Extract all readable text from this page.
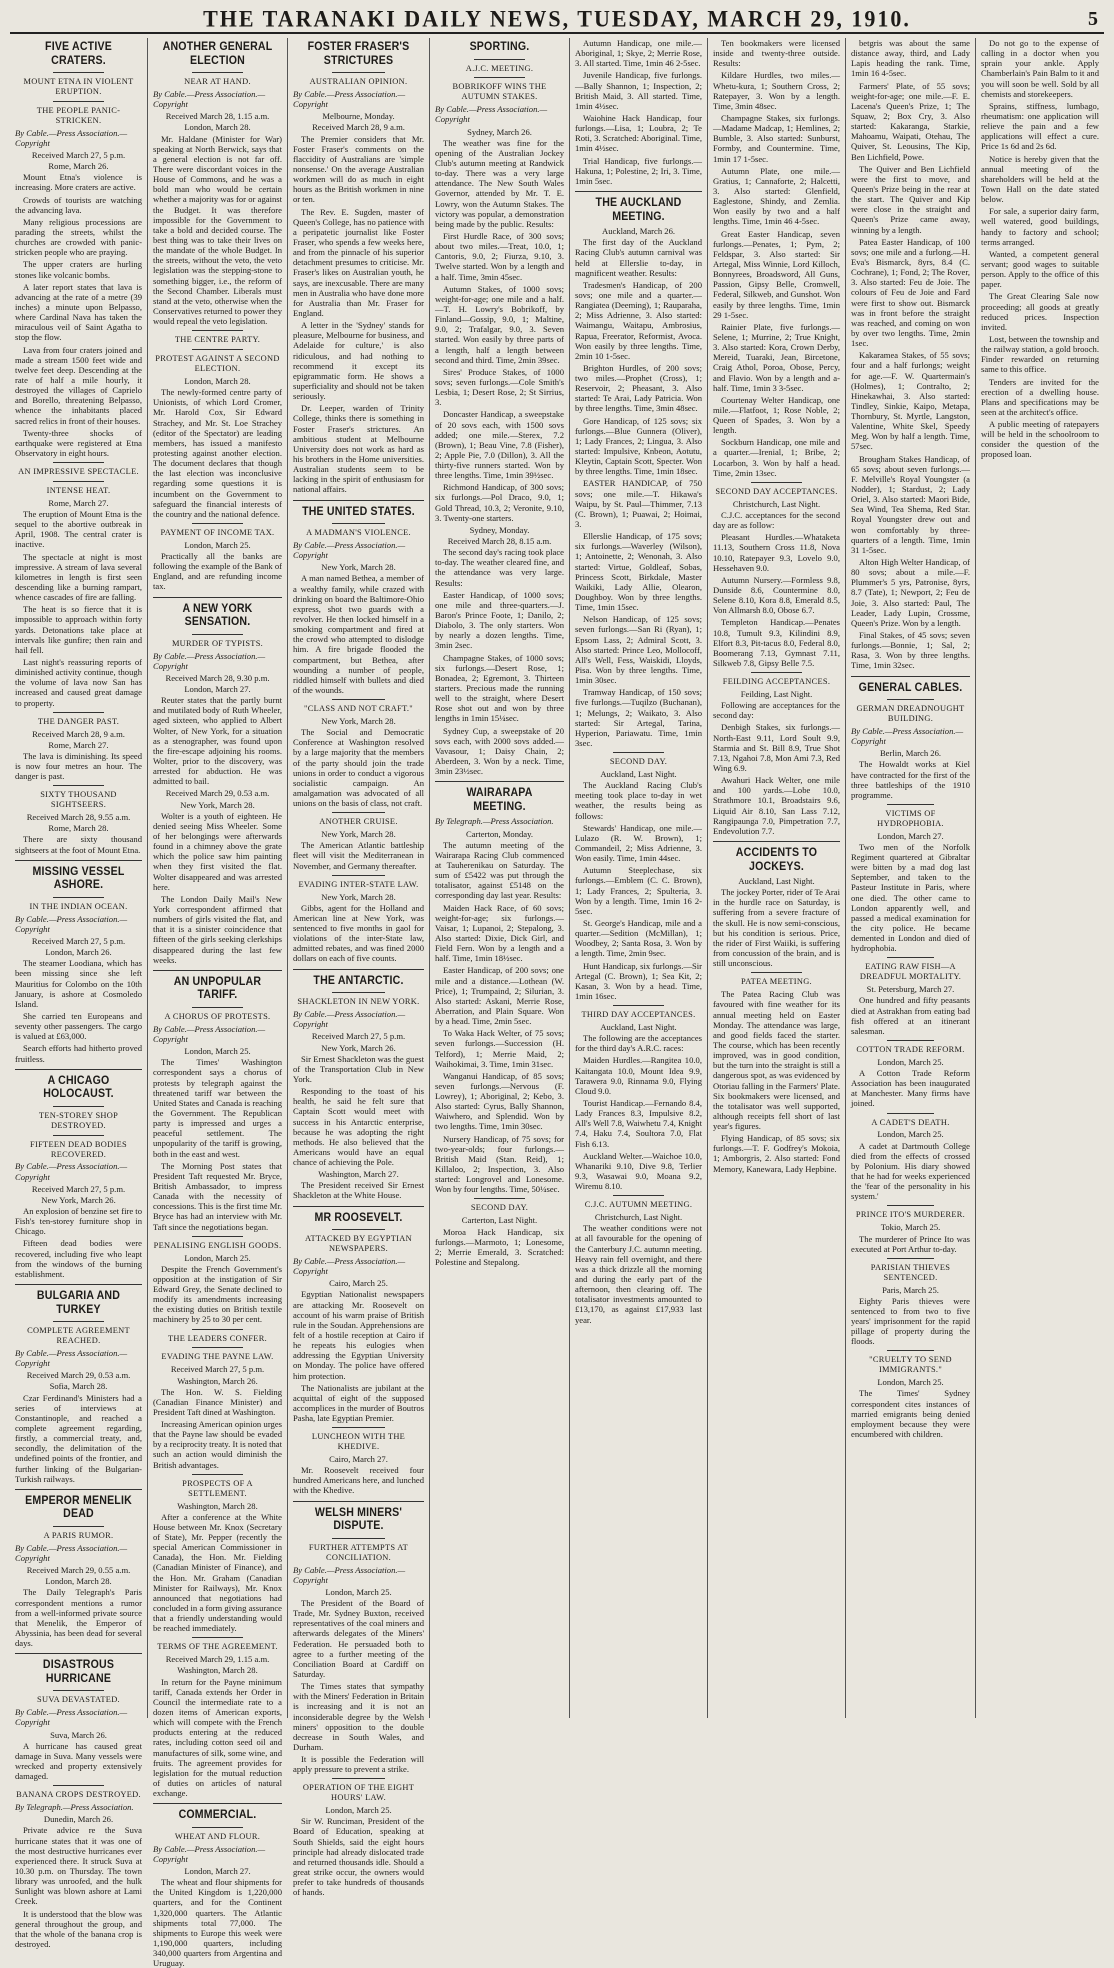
THE TARANAKI DAILY NEWS, TUESDAY, MARCH 29, 1910.	5
FIVE ACTIVE CRATERS.
MOUNT ETNA IN VIOLENT ERUPTION.
THE PEOPLE PANIC-STRICKEN.
By Cable.—Press Association.—Copyright
Received March 27, 5 p.m.
Rome, March 26.

Mount Etna's violence is increasing. More craters are active.

Crowds of tourists are watching the advancing lava.

Many religious processions are parading the streets, whilst the churches are crowded with panic-stricken people who are praying.

The upper craters are hurling stones like volcanic bombs.

A later report states that lava is advancing at the rate of a metre (39 inches) a minute upon Belpasso, where Cardinal Nava has taken the miraculous veil of Saint Agatha to stop the flow.

Lava from four craters joined and made a stream 1500 feet wide and twelve feet deep. Descending at the rate of half a mile hourly, it destroyed the villages of Caprielo and Borello, threatening Belpasso, whence the inhabitants placed sacred relics in front of their houses.

Twenty-three shocks of earthquake were registered at Etna Observatory in eight hours.

AN IMPRESSIVE SPECTACLE.
INTENSE HEAT.
Rome, March 27.

The eruption of Mount Etna is the sequel to the abortive outbreak in April, 1908. The central crater is inactive.

The spectacle at night is most impressive. A stream of lava several kilometres in length is first seen descending like a burning rampart, whence cascades of fire are falling.

The heat is so fierce that it is impossible to approach within forty yards. Detonations take place at intervals like gunfire; then rain and hail fell.

Last night's reassuring reports of diminished activity continue, though the volume of lava now San has increased and caused great damage to property.

THE DANGER PAST.
Received March 28, 9 a.m.
Rome, March 27.

The lava is diminishing. Its speed is now four metres an hour. The danger is past.

SIXTY THOUSAND SIGHTSEERS.
Received March 28, 9.55 a.m.
Rome, March 28.

There are sixty thousand sightseers at the foot of Mount Etna.

MISSING VESSEL ASHORE.
IN THE INDIAN OCEAN.
By Cable.—Press Association.—Copyright
Received March 27, 5 p.m.
London, March 26.

The steamer Loodiana, which has been missing since she left Mauritius for Colombo on the 10th January, is ashore at Cosmoledo Island.

She carried ten Europeans and seventy other passengers. The cargo is valued at £63,000.

Search efforts had hitherto proved fruitless.

A CHICAGO HOLOCAUST.
TEN-STOREY SHOP DESTROYED.
FIFTEEN DEAD BODIES RECOVERED.
By Cable.—Press Association.—Copyright
Received March 27, 5 p.m.
New York, March 26.

An explosion of benzine set fire to Fish's ten-storey furniture shop in Chicago.

Fifteen dead bodies were recovered, including five who leapt from the windows of the burning establishment.

BULGARIA AND TURKEY
COMPLETE AGREEMENT REACHED.
By Cable.—Press Association.—Copyright
Received March 29, 0.53 a.m.
Sofia, March 28.

Czar Ferdinand's Ministers had a series of interviews at Constantinople, and reached a complete agreement regarding, firstly, a commercial treaty, and, secondly, the delimitation of the undefined points of the frontier, and further linking of the Bulgarian-Turkish railways.

EMPEROR MENELIK DEAD
A PARIS RUMOR.
By Cable.—Press Association.—Copyright
Received March 29, 0.55 a.m.
London, March 28.

The Daily Telegraph's Paris correspondent mentions a rumor from a well-informed private source that Menelik, the Emperor of Abyssinia, has been dead for several days.

DISASTROUS HURRICANE
SUVA DEVASTATED.
By Cable.—Press Association.—Copyright
Suva, March 26.

A hurricane has caused great damage in Suva. Many vessels were wrecked and property extensively damaged.

BANANA CROPS DESTROYED.
By Telegraph.—Press Association.
Dunedin, March 26.

Private advice re the Suva hurricane states that it was one of the most destructive hurricanes ever experienced there. It struck Suva at 10.30 p.m. on Thursday. The town library was unroofed, and the hulk Sunlight was blown ashore at Lami Creek.

It is understood that the blow was general throughout the group, and that the whole of the banana crop is destroyed.

ANOTHER GENERAL ELECTION
NEAR AT HAND.
By Cable.—Press Association.—Copyright
Received March 28, 1.15 a.m.
London, March 28.

Mr. Haldane (Minister for War) speaking at North Berwick, says that a general election is not far off. There were discordant voices in the House of Commons, and he was a bold man who would be certain whether a majority was for or against the Budget. It was therefore impossible for the Government to take a bold and decided course. The best thing was to take their lives on the mandate of the whole Budget. In the streets, without the veto, the veto legislation was the stepping-stone to something bigger, i.e., the reform of the Second Chamber. Liberals must stand at the veto, otherwise when the Conservatives returned to power they would repeal the veto legislation.

THE CENTRE PARTY.
PROTEST AGAINST A SECOND ELECTION.
London, March 28.

The newly-formed centre party of Unionists, of which Lord Cromer, Mr. Harold Cox, Sir Edward Strachey, and Mr. St. Loe Strachey (editor of the Spectator) are leading members, has issued a manifesto protesting against another election. The document declares that though the last election was inconclusive regarding some questions it is incumbent on the Government to safeguard the financial interests of the country and the national defence.

PAYMENT OF INCOME TAX.
London, March 25.

Practically all the banks are following the example of the Bank of England, and are refunding income tax.

A NEW YORK SENSATION.
MURDER OF TYPISTS.
By Cable.—Press Association.—Copyright
Received March 28, 9.30 p.m.
London, March 27.

Reuter states that the partly burnt and mutilated body of Ruth Wheeler, aged sixteen, who applied to Albert Wolter, of New York, for a situation as a stenographer, was found upon the fire-escape adjoining his rooms. Wolter, prior to the discovery, was arrested for abduction. He was admitted to bail.

Received March 29, 0.53 a.m.
New York, March 28.

Wolter is a youth of eighteen. He denied seeing Miss Wheeler. Some of her belongings were afterwards found in a chimney above the grate which the police saw him painting when they first visited the flat. Wolter disappeared and was arrested here.

The London Daily Mail's New York correspondent affirmed that numbers of girls visited the flat, and that it is a sinister coincidence that fifteen of the girls seeking clerkships disappeared during the last few weeks.

AN UNPOPULAR TARIFF.
A CHORUS OF PROTESTS.
By Cable.—Press Association.—Copyright
London, March 25.

The Times' Washington correspondent says a chorus of protests by telegraph against the threatened tariff war between the United States and Canada is reaching the Government. The Republican party is impressed and urges a peaceful settlement. The unpopularity of the tariff is growing, both in the east and west.

The Morning Post states that President Taft requested Mr. Bryce, British Ambassador, to impress Canada with the necessity of concessions. This is the first time Mr. Bryce has had an interview with Mr. Taft since the negotiations began.

PENALISING ENGLISH GOODS.
London, March 25.

Despite the French Government's opposition at the instigation of Sir Edward Grey, the Senate declined to modify its amendments increasing the existing duties on British textile machinery by 25 to 30 per cent.

THE LEADERS CONFER.
EVADING THE PAYNE LAW.
Received March 27, 5 p.m.
Washington, March 26.

The Hon. W. S. Fielding (Canadian Finance Minister) and President Taft dined at Washington.

Increasing American opinion urges that the Payne law should be evaded by a reciprocity treaty. It is noted that such an action would diminish the British advantages.

PROSPECTS OF A SETTLEMENT.
Washington, March 28.

After a conference at the White House between Mr. Knox (Secretary of State), Mr. Pepper (recently the special American Commissioner in Canada), the Hon. Mr. Fielding (Canadian Minister of Finance), and the Hon. Mr. Graham (Canadian Minister for Railways), Mr. Knox announced that negotiations had concluded in a form giving assurance that a friendly understanding would be reached immediately.

TERMS OF THE AGREEMENT.
Received March 29, 1.15 a.m.
Washington, March 28.

In return for the Payne minimum tariff, Canada extends her Order in Council the intermediate rate to a dozen items of American exports, which will compete with the French products entering at the reduced rates, including cotton seed oil and manufactures of silk, some wine, and fruits. The agreement provides for legislation for the mutual reduction of duties on articles of natural exchange.

COMMERCIAL.
WHEAT AND FLOUR.
By Cable.—Press Association.—Copyright
London, March 27.

The wheat and flour shipments for the United Kingdom is 1,220,000 quarters, and for the Continent 1,320,000 quarters. The Atlantic shipments total 77,000. The shipments to Europe this week were 1,190,000 quarters, including 340,000 quarters from Argentina and Uruguay.

FOSTER FRASER'S STRICTURES
AUSTRALIAN OPINION.
By Cable.—Press Association.—Copyright
Melbourne, Monday.
Received March 28, 9 a.m.

The Premier considers that Mr. Foster Fraser's comments on the flaccidity of Australians are 'simple nonsense.' On the average Australian workmen will do as much in eight hours as the British workmen in nine or ten.

The Rev. E. Sugden, master of Queen's College, has no patience with a peripatetic journalist like Foster Fraser, who spends a few weeks here, and from the pinnacle of his superior detachment presumes to criticise. Mr. Fraser's likes on Australian youth, he says, are inexcusable. There are many men in Australia who have done more for Australia than Mr. Fraser for England.

A letter in the 'Sydney' stands for pleasure, Melbourne for business, and Adelaide for culture,' is also ridiculous, and had nothing to recommend it except its epigrammatic form. He shows a superficiality and should not be taken seriously.

Dr. Leeper, warden of Trinity College, thinks there is something in Foster Fraser's strictures. An ambitious student at Melbourne University does not work as hard as his brothers in the Home universities. Australian students seem to be lacking in the spirit of enthusiasm for national affairs.

THE UNITED STATES.
A MADMAN'S VIOLENCE.
By Cable.—Press Association.—Copyright
New York, March 28.

A man named Bethea, a member of a wealthy family, while crazed with drinking on board the Baltimore-Ohio express, shot two guards with a revolver. He then locked himself in a smoking compartment and fired at the crowd who attempted to dislodge him. A fire brigade flooded the compartment, but Bethea, after wounding a number of people, riddled himself with bullets and died of the wounds.

"CLASS AND NOT CRAFT."
New York, March 28.

The Social and Democratic Conference at Washington resolved by a large majority that the members of the party should join the trade unions in order to conduct a vigorous socialistic campaign. An amalgamation was advocated of all unions on the basis of class, not craft.

ANOTHER CRUISE.
New York, March 28.

The American Atlantic battleship fleet will visit the Mediterranean in November, and Germany thereafter.

EVADING INTER-STATE LAW.
New York, March 28.

Gibbs, agent for the Holland and American line at New York, was sentenced to five months in gaol for violations of the inter-State law, admitted rebates, and was fined 2000 dollars on each of five counts.

THE ANTARCTIC.
SHACKLETON IN NEW YORK.
By Cable.—Press Association.—Copyright
Received March 27, 5 p.m.
New York, March 26.

Sir Ernest Shackleton was the guest of the Transportation Club in New York.

Responding to the toast of his health, he said he felt sure that Captain Scott would meet with success in his Antarctic enterprise, because he was adopting the right methods. He also believed that the Americans would have an equal chance of achieving the Pole.

Washington, March 27.

The President received Sir Ernest Shackleton at the White House.

MR ROOSEVELT.
ATTACKED BY EGYPTIAN NEWSPAPERS.
By Cable.—Press Association.—Copyright
Cairo, March 25.

Egyptian Nationalist newspapers are attacking Mr. Roosevelt on account of his warm praise of British rule in the Soudan. Apprehensions are felt of a hostile reception at Cairo if he repeats his eulogies when addressing the Egyptian University on Monday. The police have offered him protection.

The Nationalists are jubilant at the acquittal of eight of the supposed accomplices in the murder of Boutros Pasha, late Egyptian Premier.

LUNCHEON WITH THE KHEDIVE.
Cairo, March 27.

Mr. Roosevelt received four hundred Americans here, and lunched with the Khedive.

WELSH MINERS' DISPUTE.
FURTHER ATTEMPTS AT CONCILIATION.
By Cable.—Press Association.—Copyright
London, March 25.

The President of the Board of Trade, Mr. Sydney Buxton, received representatives of the coal miners and afterwards delegates of the Miners' Federation. He persuaded both to agree to a further meeting of the Conciliation Board at Cardiff on Saturday.

The Times states that sympathy with the Miners' Federation in Britain is increasing and it is not an inconsiderable degree by the Welsh miners' opposition to the double decrease in South Wales, and Durham.

It is possible the Federation will apply pressure to prevent a strike.

OPERATION OF THE EIGHT HOURS' LAW.
London, March 25.

Sir W. Runciman, President of the Board of Education, speaking at South Shields, said the eight hours principle had already dislocated trade and returned thousands idle. Should a great strike occur, the owners would prefer to take hundreds of thousands of hands.

SPORTING.
A.J.C. MEETING.
BOBRIKOFF WINS THE AUTUMN STAKES.
By Cable.—Press Association.—Copyright
Sydney, March 26.

The weather was fine for the opening of the Australian Jockey Club's autumn meeting at Randwick to-day. There was a very large attendance. The New South Wales Governor, attended by Mr. T. E. Lowry, won the Autumn Stakes. The victory was popular, a demonstration being made by the public. Results:

First Hurdle Race, of 300 sovs; about two miles.—Treat, 10.0, 1; Cantoris, 9.0, 2; Fiurza, 9.10, 3. Twelve started. Won by a length and a half. Time, 3min 45sec.

Autumn Stakes, of 1000 sovs; weight-for-age; one mile and a half.—T. H. Lowry's Bobrikoff, by Finland—Gossip, 9.0, 1; Maltine, 9.0, 2; Trafalgar, 9.0, 3. Seven started. Won easily by three parts of a length, half a length between second and third. Time, 2min 39sec.

Sires' Produce Stakes, of 1000 sovs; seven furlongs.—Cole Smith's Lesbia, 1; Desert Rose, 2; St Sirrius, 3.

Doncaster Handicap, a sweepstake of 20 sovs each, with 1500 sovs added; one mile.—Sterex, 7.2 (Brown), 1; Beau Vine, 7.8 (Fisher), 2; Apple Pie, 7.0 (Dillon), 3. All the thirty-five runners started. Won by three lengths. Time, 1min 39½sec.

Richmond Handicap, of 300 sovs; six furlongs.—Pol Draco, 9.0, 1; Gold Thread, 10.3, 2; Veronite, 9.10, 3. Twenty-one starters.

Sydney, Monday.
Received March 28, 8.15 a.m.

The second day's racing took place to-day. The weather cleared fine, and the attendance was very large. Results:

Easter Handicap, of 1000 sovs; one mile and three-quarters.—J. Baron's Prince Foote, 1; Danilo, 2; Diabolo, 3. The only starters. Won by nearly a dozen lengths. Time, 3min 2sec.

Champagne Stakes, of 1000 sovs; six furlongs.—Desert Rose, 1; Bonadea, 2; Egremont, 3. Thirteen starters. Precious made the running well to the straight, where Desert Rose shot out and won by three lengths in 1min 15¼sec.

Sydney Cup, a sweepstake of 20 sovs each, with 2000 sovs added.—Vavasour, 1; Daisy Chain, 2; Aberdeen, 3. Won by a neck. Time, 3min 23½sec.

WAIRARAPA MEETING.
By Telegraph.—Press Association.
Carterton, Monday.

The autumn meeting of the Wairarapa Racing Club commenced at Tauherenikau on Saturday. The sum of £5422 was put through the totalisator, against £5148 on the corresponding day last year. Results:

Maiden Hack Race, of 60 sovs; weight-for-age; six furlongs.—Vaisar, 1; Lupanoi, 2; Stepalong, 3. Also started: Dixie, Dick Girl, and Field Fern. Won by a length and a half. Time, 1min 18½sec.

Easter Handicap, of 200 sovs; one mile and a distance.—Lothean (W. Price), 1; Trumpaind, 2; Silurian, 3. Also started: Askani, Merrie Rose, Aberration, and Plain Square. Won by a head. Time, 2min 5sec.

To Waka Hack Welter, of 75 sovs; seven furlongs.—Succession (H. Telford), 1; Merrie Maid, 2; Waihokimai, 3. Time, 1min 31sec.

Wanganui Handicap, of 85 sovs; seven furlongs.—Nervous (F. Lowrey), 1; Aboriginal, 2; Kebo, 3. Also started: Cyrus, Bally Shannon, Waiwhero, and Splendid. Won by two lengths. Time, 1min 30sec.

Nursery Handicap, of 75 sovs; for two-year-olds; four furlongs.—British Maid (Stan. Reid), 1; Killaloo, 2; Inspection, 3. Also started: Longrovel and Lonesome. Won by four lengths. Time, 50¼sec.

SECOND DAY.
Carterton, Last Night.

Moroa Hack Handicap, six furlongs.—Marmoto, 1; Lonesome, 2; Merrie Emerald, 3. Scratched: Polestine and Stepalong.

Autumn Handicap, one mile.—Aboriginal, 1; Skye, 2; Merrie Rose, 3. All started. Time, 1min 46 2-5sec.

Juvenile Handicap, five furlongs.—Bally Shannon, 1; Inspection, 2; British Maid, 3. All started. Time, 1min 4½sec.

Waiohine Hack Handicap, four furlongs.—Lisa, 1; Loubra, 2; Te Roti, 3. Scratched: Aboriginal. Time, 1min 4½sec.

Trial Handicap, five furlongs.—Hakuna, 1; Polestine, 2; Iri, 3. Time, 1min 5sec.

THE AUCKLAND MEETING.
Auckland, March 26.

The first day of the Auckland Racing Club's autumn carnival was held at Ellerslie to-day, in magnificent weather. Results:

Tradesmen's Handicap, of 200 sovs; one mile and a quarter.—Rangiatea (Deeming), 1; Rauparaha, 2; Miss Adrienne, 3. Also started: Waimangu, Waitapu, Ambrosius, Rapua, Freerator, Reformist, Avoca. Won easily by three lengths. Time, 2min 10 1-5sec.

Brighton Hurdles, of 200 sovs; two miles.—Prophet (Cross), 1; Reservoir, 2; Pheasant, 3. Also started: Te Arai, Lady Patricia. Won by three lengths. Time, 3min 48sec.

Gore Handicap, of 125 sovs; six furlongs.—Blue Gunnera (Oliver), 1; Lady Frances, 2; Lingua, 3. Also started: Impulsive, Knbeon, Aotutu, Kleytin, Captain Scott, Specter. Won by three lengths. Time, 1min 18sec.

EASTER HANDICAP, of 750 sovs; one mile.—T. Hikawa's Waipu, by St. Paul—Thimmer, 7.13 (C. Brown), 1; Puawai, 2; Hoimai, 3.

Ellerslie Handicap, of 175 sovs; six furlongs.—Waverley (Wilson), 1; Antoinette, 2; Wenonah, 3. Also started: Virtue, Goldleaf, Sobas, Princess Scott, Birkdale, Master Waikiki, Lady Allie, Olearon, Doughboy. Won by three lengths. Time, 1min 15sec.

Nelson Handicap, of 125 sovs; seven furlongs.—San Ri (Ryan), 1; Epsom Lass, 2; Admiral Scott, 3. Also started: Prince Leo, Mollocoff, All's Well, Fess, Waiskidi, Lloyds, Pisa. Won by three lengths. Time, 1min 30sec.

Tramway Handicap, of 150 sovs; five furlongs.—Tuqilzo (Buchanan), 1; Melungs, 2; Waikato, 3. Also started: Sir Artegal, Tarina, Hyperion, Pariawatu. Time, 1min 3sec.

SECOND DAY.
Auckland, Last Night.

The Auckland Racing Club's meeting took place to-day in wet weather, the results being as follows:

Stewards' Handicap, one mile.—Lulazo (R. W. Brown), 1; Commandeil, 2; Miss Adrienne, 3. Won easily. Time, 1min 44sec.

Autumn Steeplechase, six furlongs.—Emblem (C. C. Brown), 1; Lady Frances, 2; Spulteria, 3. Won by a length. Time, 1min 16 2-5sec.

St. George's Handicap, mile and a quarter.—Sedition (McMillan), 1; Woodbey, 2; Santa Rosa, 3. Won by a length. Time, 2min 9sec.

Hunt Handicap, six furlongs.—Sir Artegal (C. Brown), 1; Sea Kit, 2; Kasan, 3. Won by a head. Time, 1min 16sec.

THIRD DAY ACCEPTANCES.
Auckland, Last Night.

The following are the acceptances for the third day's A.R.C. races:

Maiden Hurdles.—Rangitea 10.0, Kaitangata 10.0, Mount Idea 9.9, Tarawera 9.0, Rinnama 9.0, Flying Cloud 9.0.

Tourist Handicap.—Fernando 8.4, Lady Frances 8.3, Impulsive 8.2, All's Well 7.8, Waiwhetu 7.4, Knight 7.4, Haku 7.4, Soultora 7.0, Flat Fish 6.13.

Auckland Welter.—Waichoe 10.0, Whanariki 9.10, Dive 9.8, Terlier 9.3, Wasawai 9.0, Moana 9.2, Wiremu 8.10.

C.J.C. AUTUMN MEETING.
Christchurch, Last Night.

The weather conditions were not at all favourable for the opening of the Canterbury J.C. autumn meeting. Heavy rain fell overnight, and there was a thick drizzle all the morning and during the early part of the afternoon, then clearing off. The totalisator investments amounted to £13,170, as against £17,933 last year.

Ten bookmakers were licensed inside and twenty-three outside. Results:

Kildare Hurdles, two miles.—Whetu-kura, 1; Southern Cross, 2; Ratepayer, 3. Won by a length. Time, 3min 48sec.

Champagne Stakes, six furlongs.—Madame Madcap, 1; Hemlines, 2; Bumble, 3. Also started: Sunburst, Formby, and Countermine. Time, 1min 17 1-5sec.

Autumn Plate, one mile.—Gratius, 1; Cannaforte, 2; Halcetti, 3. Also started: Glenfield, Eaglestone, Shindy, and Zemlia. Won easily by two and a half lengths. Time, 1min 46 4-5sec.

Great Easter Handicap, seven furlongs.—Penates, 1; Pym, 2; Feldspar, 3. Also started: Sir Artegal, Miss Winnie, Lord Killoch, Bonnyrees, Broadsword, All Guns, Passion, Gipsy Belle, Cromwell, Federal, Silkweb, and Gunshot. Won easily by three lengths. Time, 1min 29 1-5sec.

Rainier Plate, five furlongs.—Selene, 1; Murrine, 2; True Knight, 3. Also started: Kora, Crown Derby, Mereid, Tuaraki, Jean, Bircetone, Craig Athol, Poroa, Obose, Percy, and Flavio. Won by a length and a-half. Time, 1min 3 3-5sec.

Courtenay Welter Handicap, one mile.—Flatfoot, 1; Rose Noble, 2; Queen of Spades, 3. Won by a length.

Sockburn Handicap, one mile and a quarter.—Irenial, 1; Bribe, 2; Locarbon, 3. Won by half a head. Time, 2min 13sec.

SECOND DAY ACCEPTANCES.
Christchurch, Last Night.

C.J.C. acceptances for the second day are as follow:

Pleasant Hurdles.—Whataketa 11.13, Southern Cross 11.8, Nova 10.10, Ratepayer 9.3, Lovelo 9.0, Hessehaven 9.0.

Autumn Nursery.—Formless 9.8, Dunside 8.6, Countermine 8.0, Selene 8.10, Kora 8.8, Emerald 8.5, Von Allmarsh 8.0, Obose 6.7.

Templeton Handicap.—Penates 10.8, Tumult 9.3, Kilindini 8.9, Elfort 8.3, Pit-tacus 8.0, Federal 8.0, Boomerang 7.13, Gymnast 7.11, Silkweb 7.8, Gipsy Belle 7.5.

FEILDING ACCEPTANCES.
Feilding, Last Night.

Following are acceptances for the second day:

Denbigh Stakes, six furlongs.—North-East 9.11, Lord Soult 9.9, Starmia and St. Bill 8.9, True Shot 7.13, Ngahoi 7.8, Mon Ami 7.3, Red Wing 6.9.

Awahuri Hack Welter, one mile and 100 yards.—Lobe 10.0, Strathmore 10.1, Broadstairs 9.6, Liquid Air 8.10, San Lass 7.12, Rangipaunga 7.0, Pimpetration 7.7, Endevolution 7.7.

ACCIDENTS TO JOCKEYS.
Auckland, Last Night.

The jockey Porter, rider of Te Arai in the hurdle race on Saturday, is suffering from a severe fracture of the skull. He is now semi-conscious, but his condition is serious. Price, the rider of First Waiiki, is suffering from concussion of the brain, and is still unconscious.

PATEA MEETING.

The Patea Racing Club was favoured with fine weather for its annual meeting held on Easter Monday. The attendance was large, and good fields faced the starter. The course, which has been recently improved, was in good condition, but the turn into the straight is still a dangerous spot, as was evidenced by Otoriau falling in the Farmers' Plate. Six bookmakers were licensed, and the totalisator was well supported, although receipts fell short of last year's figures.

Flying Handicap, of 85 sovs; six furlongs.—T. F. Godfrey's Mokoia, 1; Amborgris, 2. Also started: Fond Memory, Kanewara, Lady Hepbine.

betgris was about the same distance away, third, and Lady Lapis heading the rank. Time, 1min 16 4-5sec.

Farmers' Plate, of 55 sovs; weight-for-age; one mile.—F. E. Lacena's Queen's Prize, 1; The Squaw, 2; Box Cry, 3. Also started: Kakaranga, Starkie, Mahoamu, Waipati, Otehau, The Quiver, St. Leousins, The Kip, Ben Lichfield, Powe.

The Quiver and Ben Lichfield were the first to move, and Queen's Prize being in the rear at the start. The Quiver and Kip were close in the straight and Queen's Prize came away, winning by a length.

Patea Easter Handicap, of 100 sovs; one mile and a furlong.—H. Eva's Bismarck, 8yrs, 8.4 (C. Cochrane), 1; Fond, 2; The Rover, 3. Also started: Feu de Joie. The colours of Feu de Joie and Fard were first to show out. Bismarck was in front before the straight was reached, and coming on won by over two lengths. Time, 2min 1sec.

Kakaramea Stakes, of 55 sovs; four and a half furlongs; weight for age.—F. W. Quartermain's (Holmes), 1; Contralto, 2; Hinekawhai, 3. Also started: Tindley, Sinkie, Kaipo, Metapa, Thornbury, St. Myrtle, Langston, Valentine, White Skel, Speedy Meg. Won by half a length. Time, 57sec.

Brougham Stakes Handicap, of 65 sovs; about seven furlongs.—F. Melville's Royal Youngster (a Nodder), 1; Stardust, 2; Lady Oriel, 3. Also started: Maori Bide, Sea Wind, Tea Shema, Red Star. Royal Youngster drew out and won comfortably by three-quarters of a length. Time, 1min 31 1-5sec.

Alton High Welter Handicap, of 80 sovs; about a mile.—F. Plummer's 5 yrs, Patronise, 8yrs, 8.7 (Tate), 1; Newport, 2; Feu de Joie, 3. Also started: Paul, The Leader, Lady Lupin, Crossme, Queen's Prize. Won by a length.

Final Stakes, of 45 sovs; seven furlongs.—Bonnie, 1; Sal, 2; Rasa, 3. Won by three lengths. Time, 1min 32sec.

GENERAL CABLES.
GERMAN DREADNOUGHT BUILDING.
By Cable.—Press Association.—Copyright
Berlin, March 26.

The Howaldt works at Kiel have contracted for the first of the three battleships of the 1910 programme.

VICTIMS OF HYDROPHOBIA.
London, March 27.

Two men of the Norfolk Regiment quartered at Gibraltar were bitten by a mad dog last September, and taken to the Pasteur Institute in Paris, where one died. The other came to London apparently well, and passed a medical examination for the city police. He became demented in London and died of hydrophobia.

EATING RAW FISH—A DREADFUL MORTALITY.
St. Petersburg, March 27.

One hundred and fifty peasants died at Astrakhan from eating bad fish offered at an itinerant salesman.

COTTON TRADE REFORM.
London, March 25.

A Cotton Trade Reform Association has been inaugurated at Manchester. Many firms have joined.

A CADET'S DEATH.
London, March 25.

A cadet at Dartmouth College died from the effects of crossed by Polonium. His diary showed that he had for weeks experienced the 'fear of the personality in his system.'

PRINCE ITO'S MURDERER.
Tokio, March 25.

The murderer of Prince Ito was executed at Port Arthur to-day.

PARISIAN THIEVES SENTENCED.
Paris, March 25.

Eighty Paris thieves were sentenced to from two to five years' imprisonment for the rapid pillage of property during the floods.

"CRUELTY TO SEND IMMIGRANTS."
London, March 25.

The Times' Sydney correspondent cites instances of married emigrants being denied employment because they were encumbered with children.

Do not go to the expense of calling in a doctor when you sprain your ankle. Apply Chamberlain's Pain Balm to it and you will soon be well. Sold by all chemists and storekeepers.

Sprains, stiffness, lumbago, rheumatism: one application will relieve the pain and a few applications will effect a cure. Price 1s 6d and 2s 6d.

Notice is hereby given that the annual meeting of the shareholders will be held at the Town Hall on the date stated below.

For sale, a superior dairy farm, well watered, good buildings, handy to factory and school; terms arranged.

Wanted, a competent general servant; good wages to suitable person. Apply to the office of this paper.

The Great Clearing Sale now proceeding; all goods at greatly reduced prices. Inspection invited.

Lost, between the township and the railway station, a gold brooch. Finder rewarded on returning same to this office.

Tenders are invited for the erection of a dwelling house. Plans and specifications may be seen at the architect's office.

A public meeting of ratepayers will be held in the schoolroom to consider the question of the proposed loan.
